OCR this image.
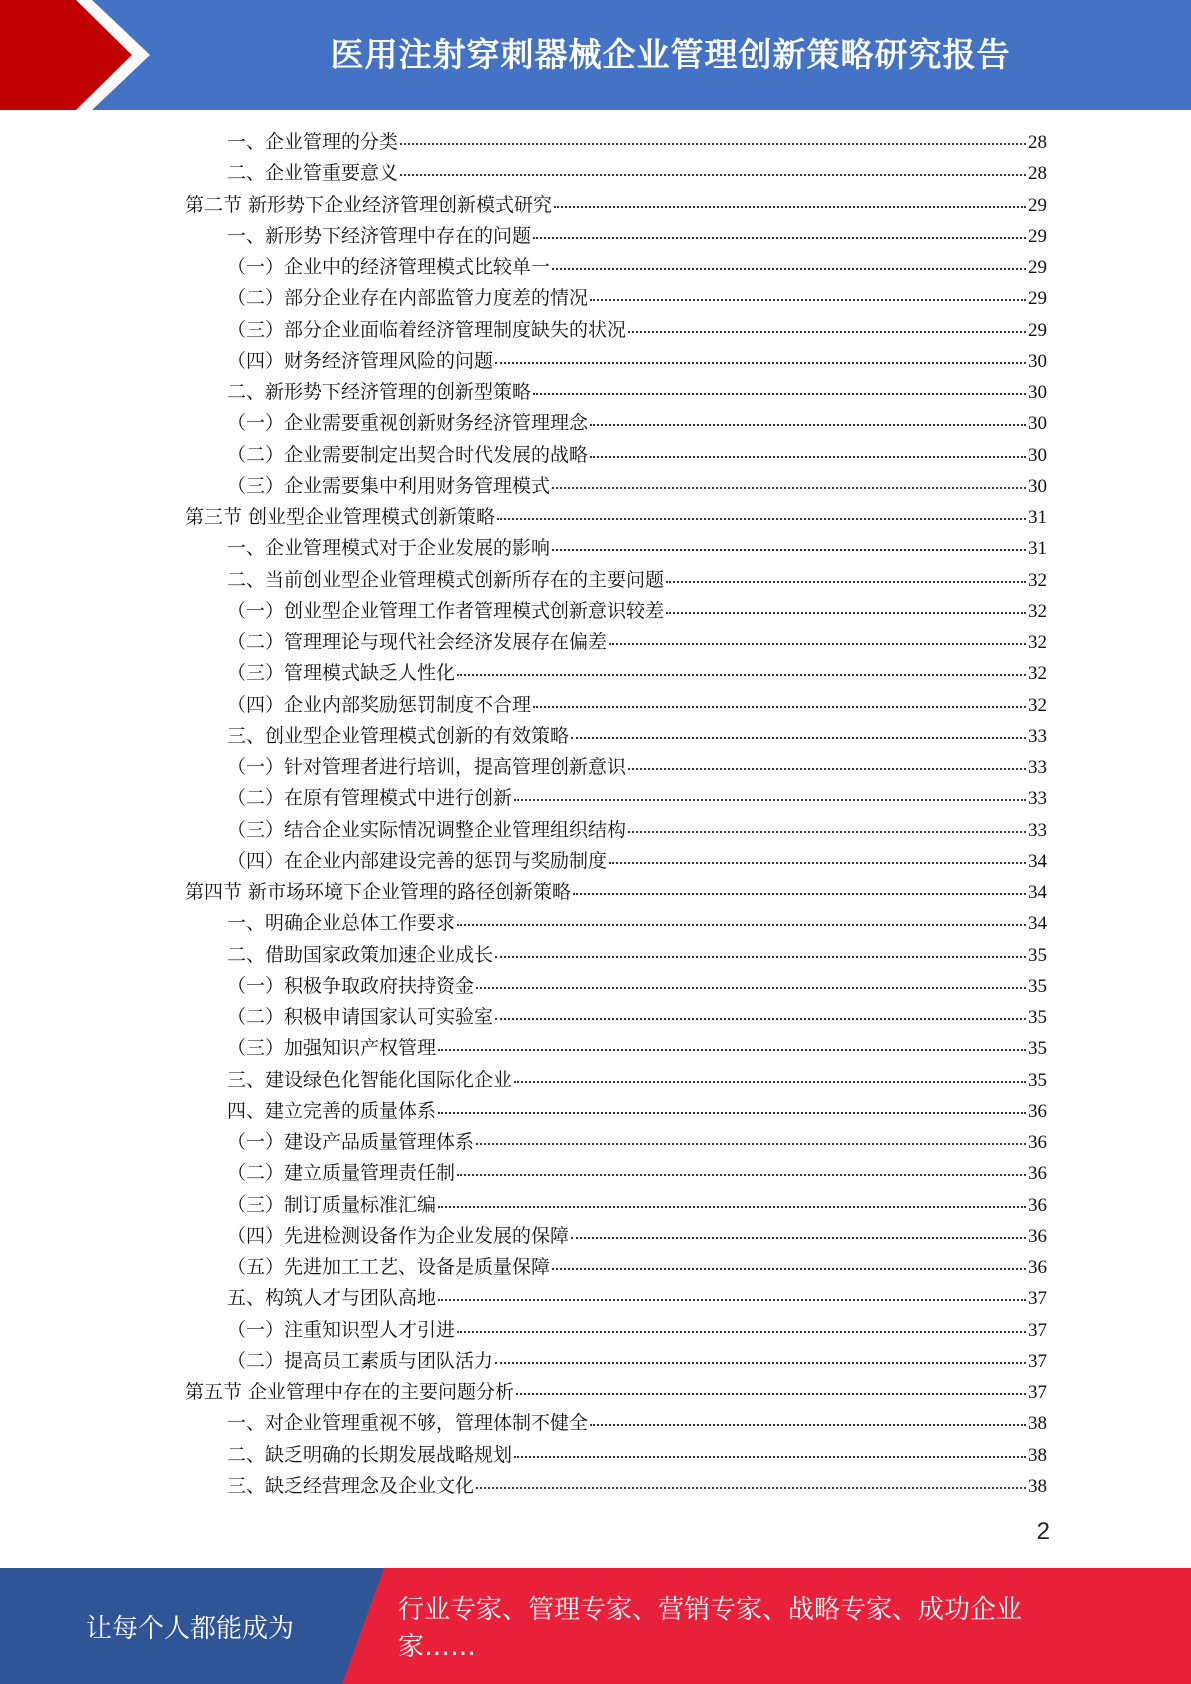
医用注射穿刺器械企业管理创新策略研究报告
一、企业管理的分类	28
二、企业管重要意义	28
第二节 新形势下企业经济管理创新模式研究	29
一、新形势下经济管理中存在的问题	29
（一）企业中的经济管理模式比较单一	29
（二）部分企业存在内部监管力度差的情况	29
（三）部分企业面临着经济管理制度缺失的状况	29
（四）财务经济管理风险的问题	30
二、新形势下经济管理的创新型策略	30
（一）企业需要重视创新财务经济管理理念	30
（二）企业需要制定出契合时代发展的战略	30
（三）企业需要集中利用财务管理模式	30
第三节 创业型企业管理模式创新策略	31
一、企业管理模式对于企业发展的影响	31
二、当前创业型企业管理模式创新所存在的主要问题	32
（一）创业型企业管理工作者管理模式创新意识较差	32
（二）管理理论与现代社会经济发展存在偏差	32
（三）管理模式缺乏人性化	32
（四）企业内部奖励惩罚制度不合理	32
三、创业型企业管理模式创新的有效策略	33
（一）针对管理者进行培训，提高管理创新意识	33
（二）在原有管理模式中进行创新	33
（三）结合企业实际情况调整企业管理组织结构	33
（四）在企业内部建设完善的惩罚与奖励制度	34
第四节 新市场环境下企业管理的路径创新策略	34
一、明确企业总体工作要求	34
二、借助国家政策加速企业成长	35
（一）积极争取政府扶持资金	35
（二）积极申请国家认可实验室	35
（三）加强知识产权管理	35
三、建设绿色化智能化国际化企业	35
四、建立完善的质量体系	36
（一）建设产品质量管理体系	36
（二）建立质量管理责任制	36
（三）制订质量标准汇编	36
（四）先进检测设备作为企业发展的保障	36
（五）先进加工工艺、设备是质量保障	36
五、构筑人才与团队高地	37
（一）注重知识型人才引进	37
（二）提高员工素质与团队活力	37
第五节 企业管理中存在的主要问题分析	37
一、对企业管理重视不够，管理体制不健全	38
二、缺乏明确的长期发展战略规划	38
三、缺乏经营理念及企业文化	38
2
让每个人都能成为
行业专家、管理专家、营销专家、战略专家、成功企业家……
